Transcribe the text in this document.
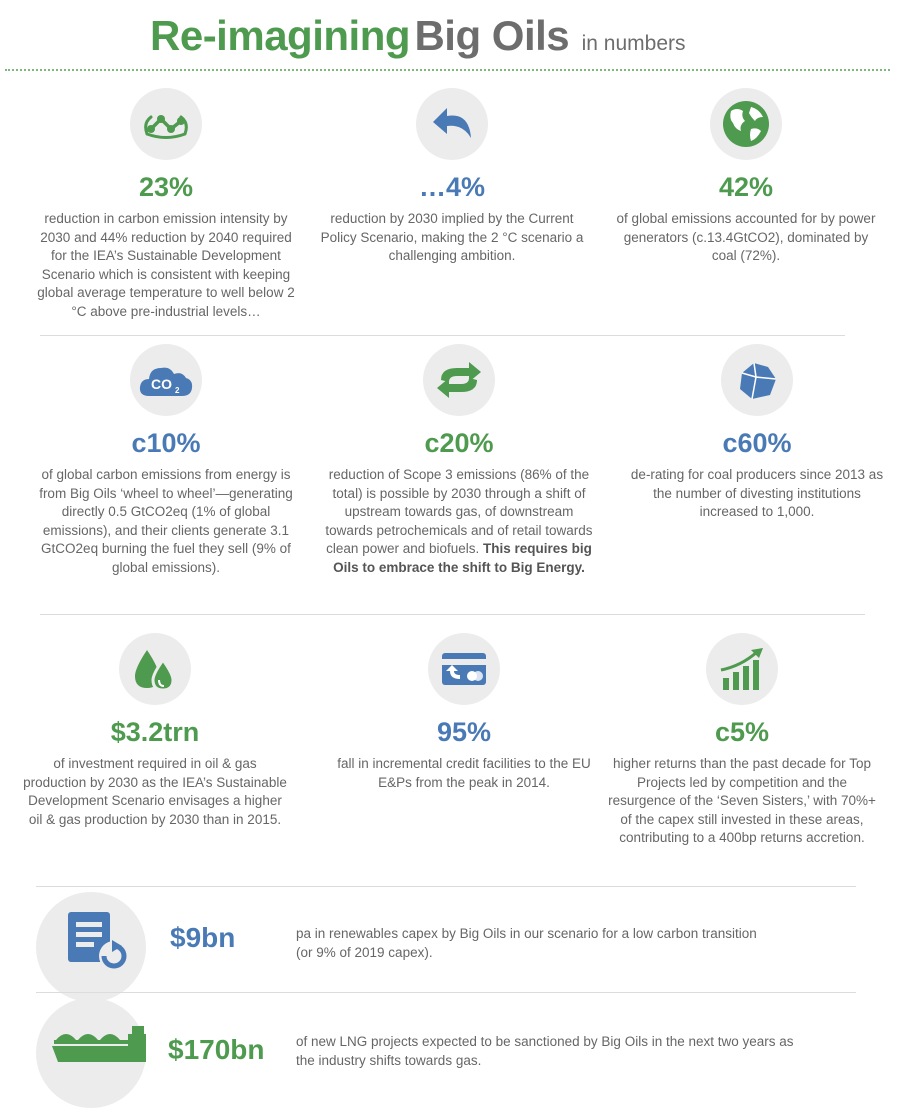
Re-imagining Big Oils in numbers
23%
reduction in carbon emission intensity by 2030 and 44% reduction by 2040 required for the IEA’s Sustainable Development Scenario which is consistent with keeping global average temperature to well below 2 °C above pre-industrial levels…
…4%
reduction by 2030 implied by the Current Policy Scenario, making the 2 °C scenario a challenging ambition.
42%
of global emissions accounted for by power generators (c.13.4GtCO2), dominated by coal (72%).
CO 2
c10%
of global carbon emissions from energy is from Big Oils ‘wheel to wheel’—generating directly 0.5 GtCO2eq (1% of global emissions), and their clients generate 3.1 GtCO2eq burning the fuel they sell (9% of global emissions).
c20%
reduction of Scope 3 emissions (86% of the total) is possible by 2030 through a shift of upstream towards gas, of downstream towards petrochemicals and of retail towards clean power and biofuels. This requires big Oils to embrace the shift to Big Energy.
c60%
de-rating for coal producers since 2013 as the number of divesting institutions increased to 1,000.
$3.2trn
of investment required in oil & gas production by 2030 as the IEA’s Sustainable Development Scenario envisages a higher oil & gas production by 2030 than in 2015.
95%
fall in incremental credit facilities to the EU E&Ps from the peak in 2014.
c5%
higher returns than the past decade for Top Projects led by competition and the resurgence of the ‘Seven Sisters,’ with 70%+ of the capex still invested in these areas, contributing to a 400bp returns accretion.
$9bn	pa in renewables capex by Big Oils in our scenario for a low carbon transition
(or 9% of 2019 capex).
$170bn of new LNG projects expected to be sanctioned by Big Oils in the next two years as
the industry shifts towards gas.
